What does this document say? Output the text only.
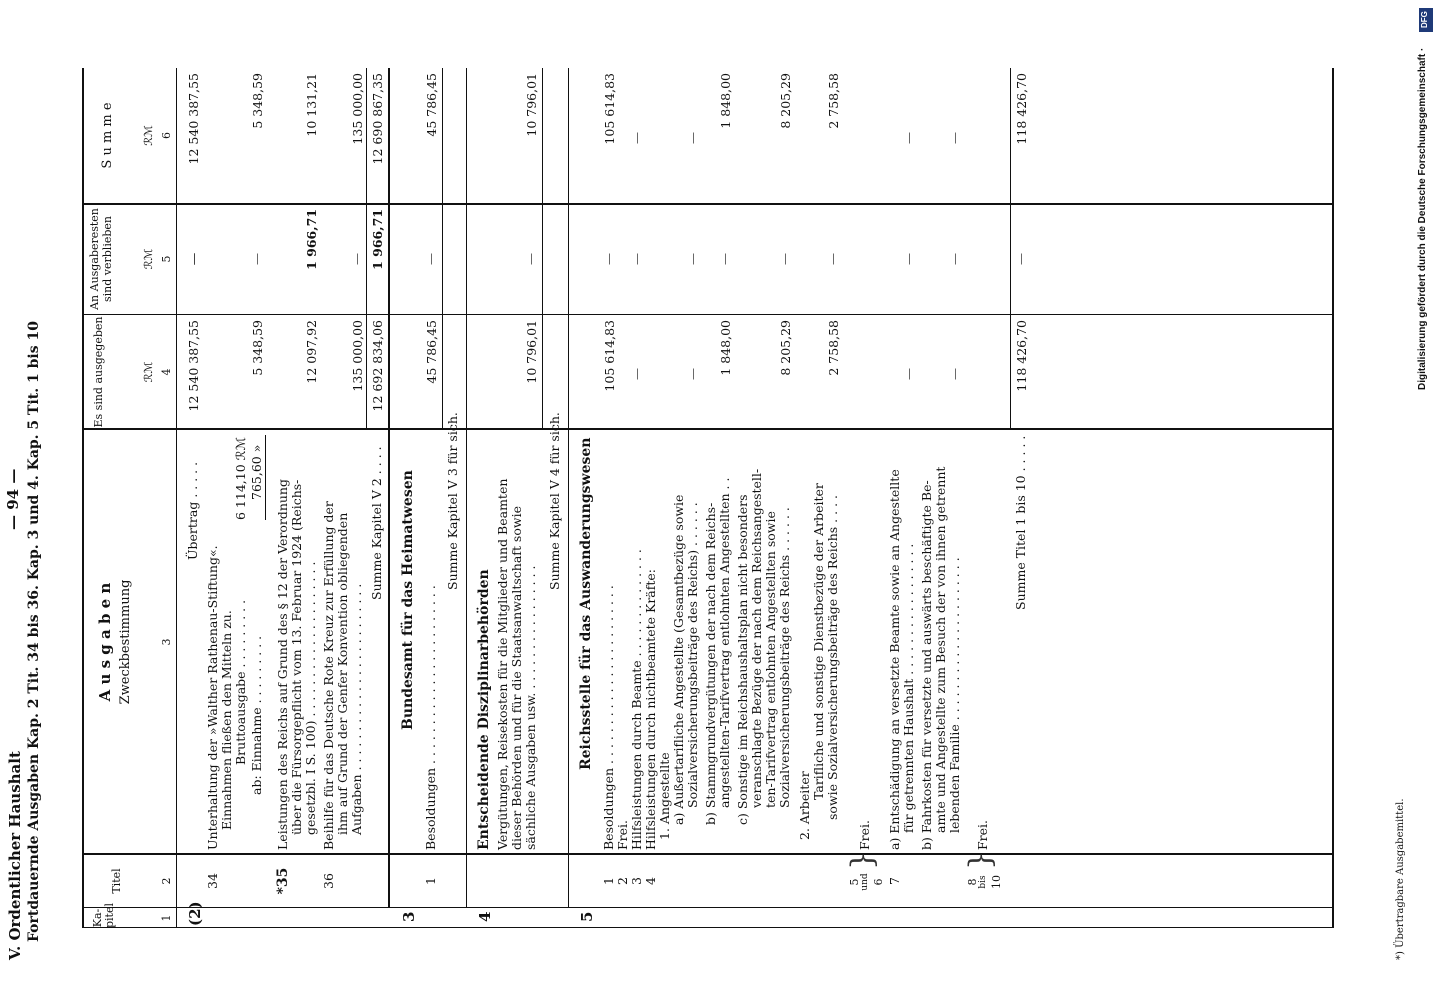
V. Ordentlicher Haushalt
— 94 — Fortdauernde Ausgaben Kap. 2 Tit. 34 bis 36. Kap. 3 und 4. Kap. 5 Tit. 1 bis 10	Ka-pitel
Titel
A u s g a b e n Zweckbestimmung
Es sind ausgegeben
An Ausgaberesten sind verblieben
S u m m e
ℛℳ
ℛℳ
ℛℳ
1
2
3
4
5
6
(2)
Übertrag . . . . .
12 540 387,55
—
12 540 387,55
34
Unterhaltung der »Walther Rathenau-Stiftung«. Einnahmen fließen den Mitteln zu. Bruttoausgabe . . . . . . . . .
6 114,10 ℛℳ
ab: Einnahme . . . . . . . . .
765,60 »
5 348,59
—
5 348,59
*35
Leistungen des Reichs auf Grund des § 12 der Verordnung über die Fürsorgepflicht vom 13. Februar 1924 (Reichs- gesetzbl. I S. 100) . . . . . . . . . . . . . . . . . . . .
12 097,92
1 966,71
10 131,21
36
Beihilfe für das Deutsche Rote Kreuz zur Erfüllung der ihm auf Grund der Genfer Konvention obliegenden Aufgaben . . . . . . . . . . . . . . . . . . . . . . . .
135 000,00
—
135 000,00
Summe Kapitel V 2 . . . .
12 692 834,06
1 966,71
12 690 867,35
3
Bundesamt für das Heimatwesen
1
Besoldungen . . . . . . . . . . . . . . . . . . . . . . .
45 786,45
—
45 786,45
Summe Kapitel V 3 für sich.
4
Entscheidende Disziplinarbehörden Vergütungen, Reisekosten für die Mitglieder und Beamten dieser Behörden und für die Staatsanwaltschaft sowie sächliche Ausgaben usw. . . . . . . . . . . . . . . . .
10 796,01
—
10 796,01
Summe Kapitel V 4 für sich.
5
Reichsstelle für das Auswanderungswesen
1
Besoldungen . . . . . . . . . . . . . . . . . . . . . . .
105 614,83
—
105 614,83
2
Frei.
3
Hilfsleistungen durch Beamte . . . . . . . . . . . . . .
—
—
—
4
Hilfsleistungen durch nichtbeamtete Kräfte: 1. Angestellte a) Außertarifliche Angestellte (Gesamtbezüge sowie Sozialversicherungsbeiträge des Reichs) . . . . . .
—
—
—
b) Stammgrundvergütungen der nach dem Reichs- angestellten-Tarifvertrag entlohnten Angestellten . .
1 848,00
—
1 848,00
c) Sonstige im Reichshaushaltsplan nicht besonders veranschlagte Bezüge der nach dem Reichsangestell- ten-Tarifvertrag entlohnten Angestellten sowie Sozialversicherungsbeiträge des Reichs . . . . . .
8 205,29
—
8 205,29
2. Arbeiter
Tarifliche und sonstige Dienstbezüge der Arbeiter sowie Sozialversicherungsbeiträge des Reichs . . . .
2 758,58
—
2 758,58
5 und 6
}
Frei.
7
a) Entschädigung an versetzte Beamte sowie an Angestellte für getrennten Haushalt . . . . . . . . . . . . . . . . .
—
—
—
b) Fahrkosten für versetzte und auswärts beschäftigte Be- amte und Angestellte zum Besuch der von ihnen getrennt lebenden Familie . . . . . . . . . . . . . . . . . . . . .
—
—
—
8 bis 10
}
Frei.
Summe Titel 1 bis 10 . . . . .
118 426,70
—
118 426,70
*) Übertragbare Ausgabemittel.
DFG
Digitalisierung gefördert durch die Deutsche Forschungsgemeinschaft ·
